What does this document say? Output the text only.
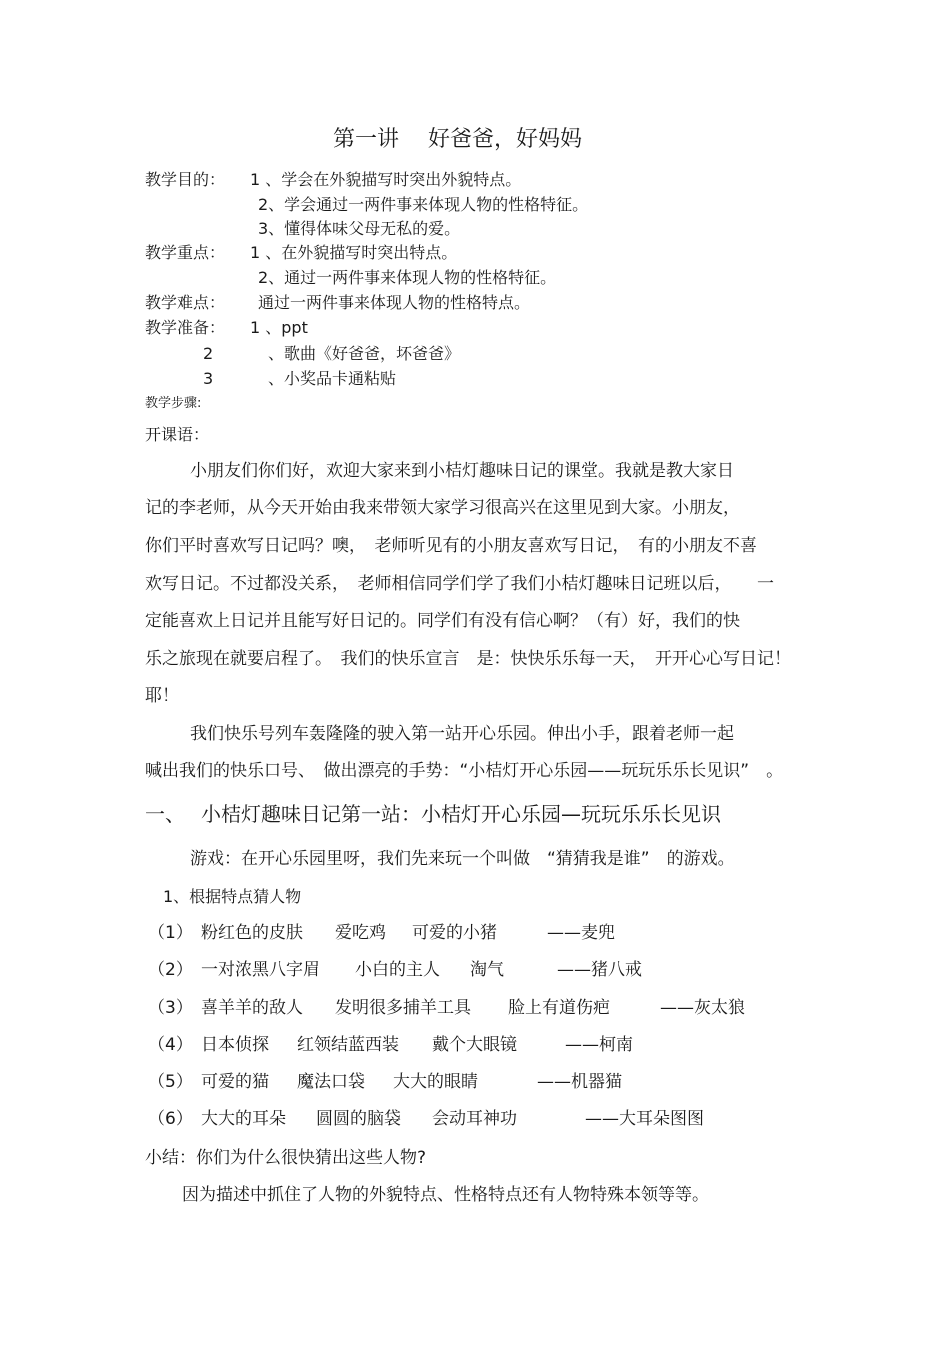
第一讲　 好爸爸，好妈妈
教学目的： 1 、学会在外貌描写时突出外貌特点。
2、学会通过一两件事来体现人物的性格特征。
3、懂得体味父母无私的爱。
教学重点： 1 、在外貌描写时突出特点。
2、通过一两件事来体现人物的性格特征。
教学难点： 通过一两件事来体现人物的性格特点。
教学准备： 1 、ppt
2	、歌曲《好爸爸，坏爸爸》
3	、小奖品卡通粘贴
教学步骤:
开课语：
小朋友们你们好，欢迎大家来到小桔灯趣味日记的课堂。我就是教大家日
记的李老师，从今天开始由我来带领大家学习很高兴在这里见到大家。小朋友，
你们平时喜欢写日记吗？噢，　老师听见有的小朋友喜欢写日记，　有的小朋友不喜
欢写日记。不过都没关系，　老师相信同学们学了我们小桔灯趣味日记班以后，　　一
定能喜欢上日记并且能写好日记的。同学们有没有信心啊？（有）好，我们的快
乐之旅现在就要启程了。　我们的快乐宣言　是：快快乐乐每一天，　开开心心写日记！
耶！
我们快乐号列车轰隆隆的驶入第一站开心乐园。伸出小手，跟着老师一起
喊出我们的快乐口号、　做出漂亮的手势：“小桔灯开心乐园——玩玩乐乐长见识”　。
一、 小桔灯趣味日记第一站：小桔灯开心乐园—玩玩乐乐长见识
游戏：在开心乐园里呀，我们先来玩一个叫做　“猜猜我是谁”　的游戏。
1、根据特点猜人物
（1） 粉红色的皮肤 爱吃鸡 可爱的小猪	——麦兜
（2） 一对浓黑八字眉 小白的主人 淘气	——猪八戒
（3） 喜羊羊的敌人 发明很多捕羊工具 脸上有道伤疤	——灰太狼
（4） 日本侦探 红领结蓝西装 戴个大眼镜	——柯南
（5） 可爱的猫 魔法口袋 大大的眼睛	——机器猫
（6） 大大的耳朵 圆圆的脑袋 会动耳神功	——大耳朵图图
小结：你们为什么很快猜出这些人物?
因为描述中抓住了人物的外貌特点、性格特点还有人物特殊本领等等。
